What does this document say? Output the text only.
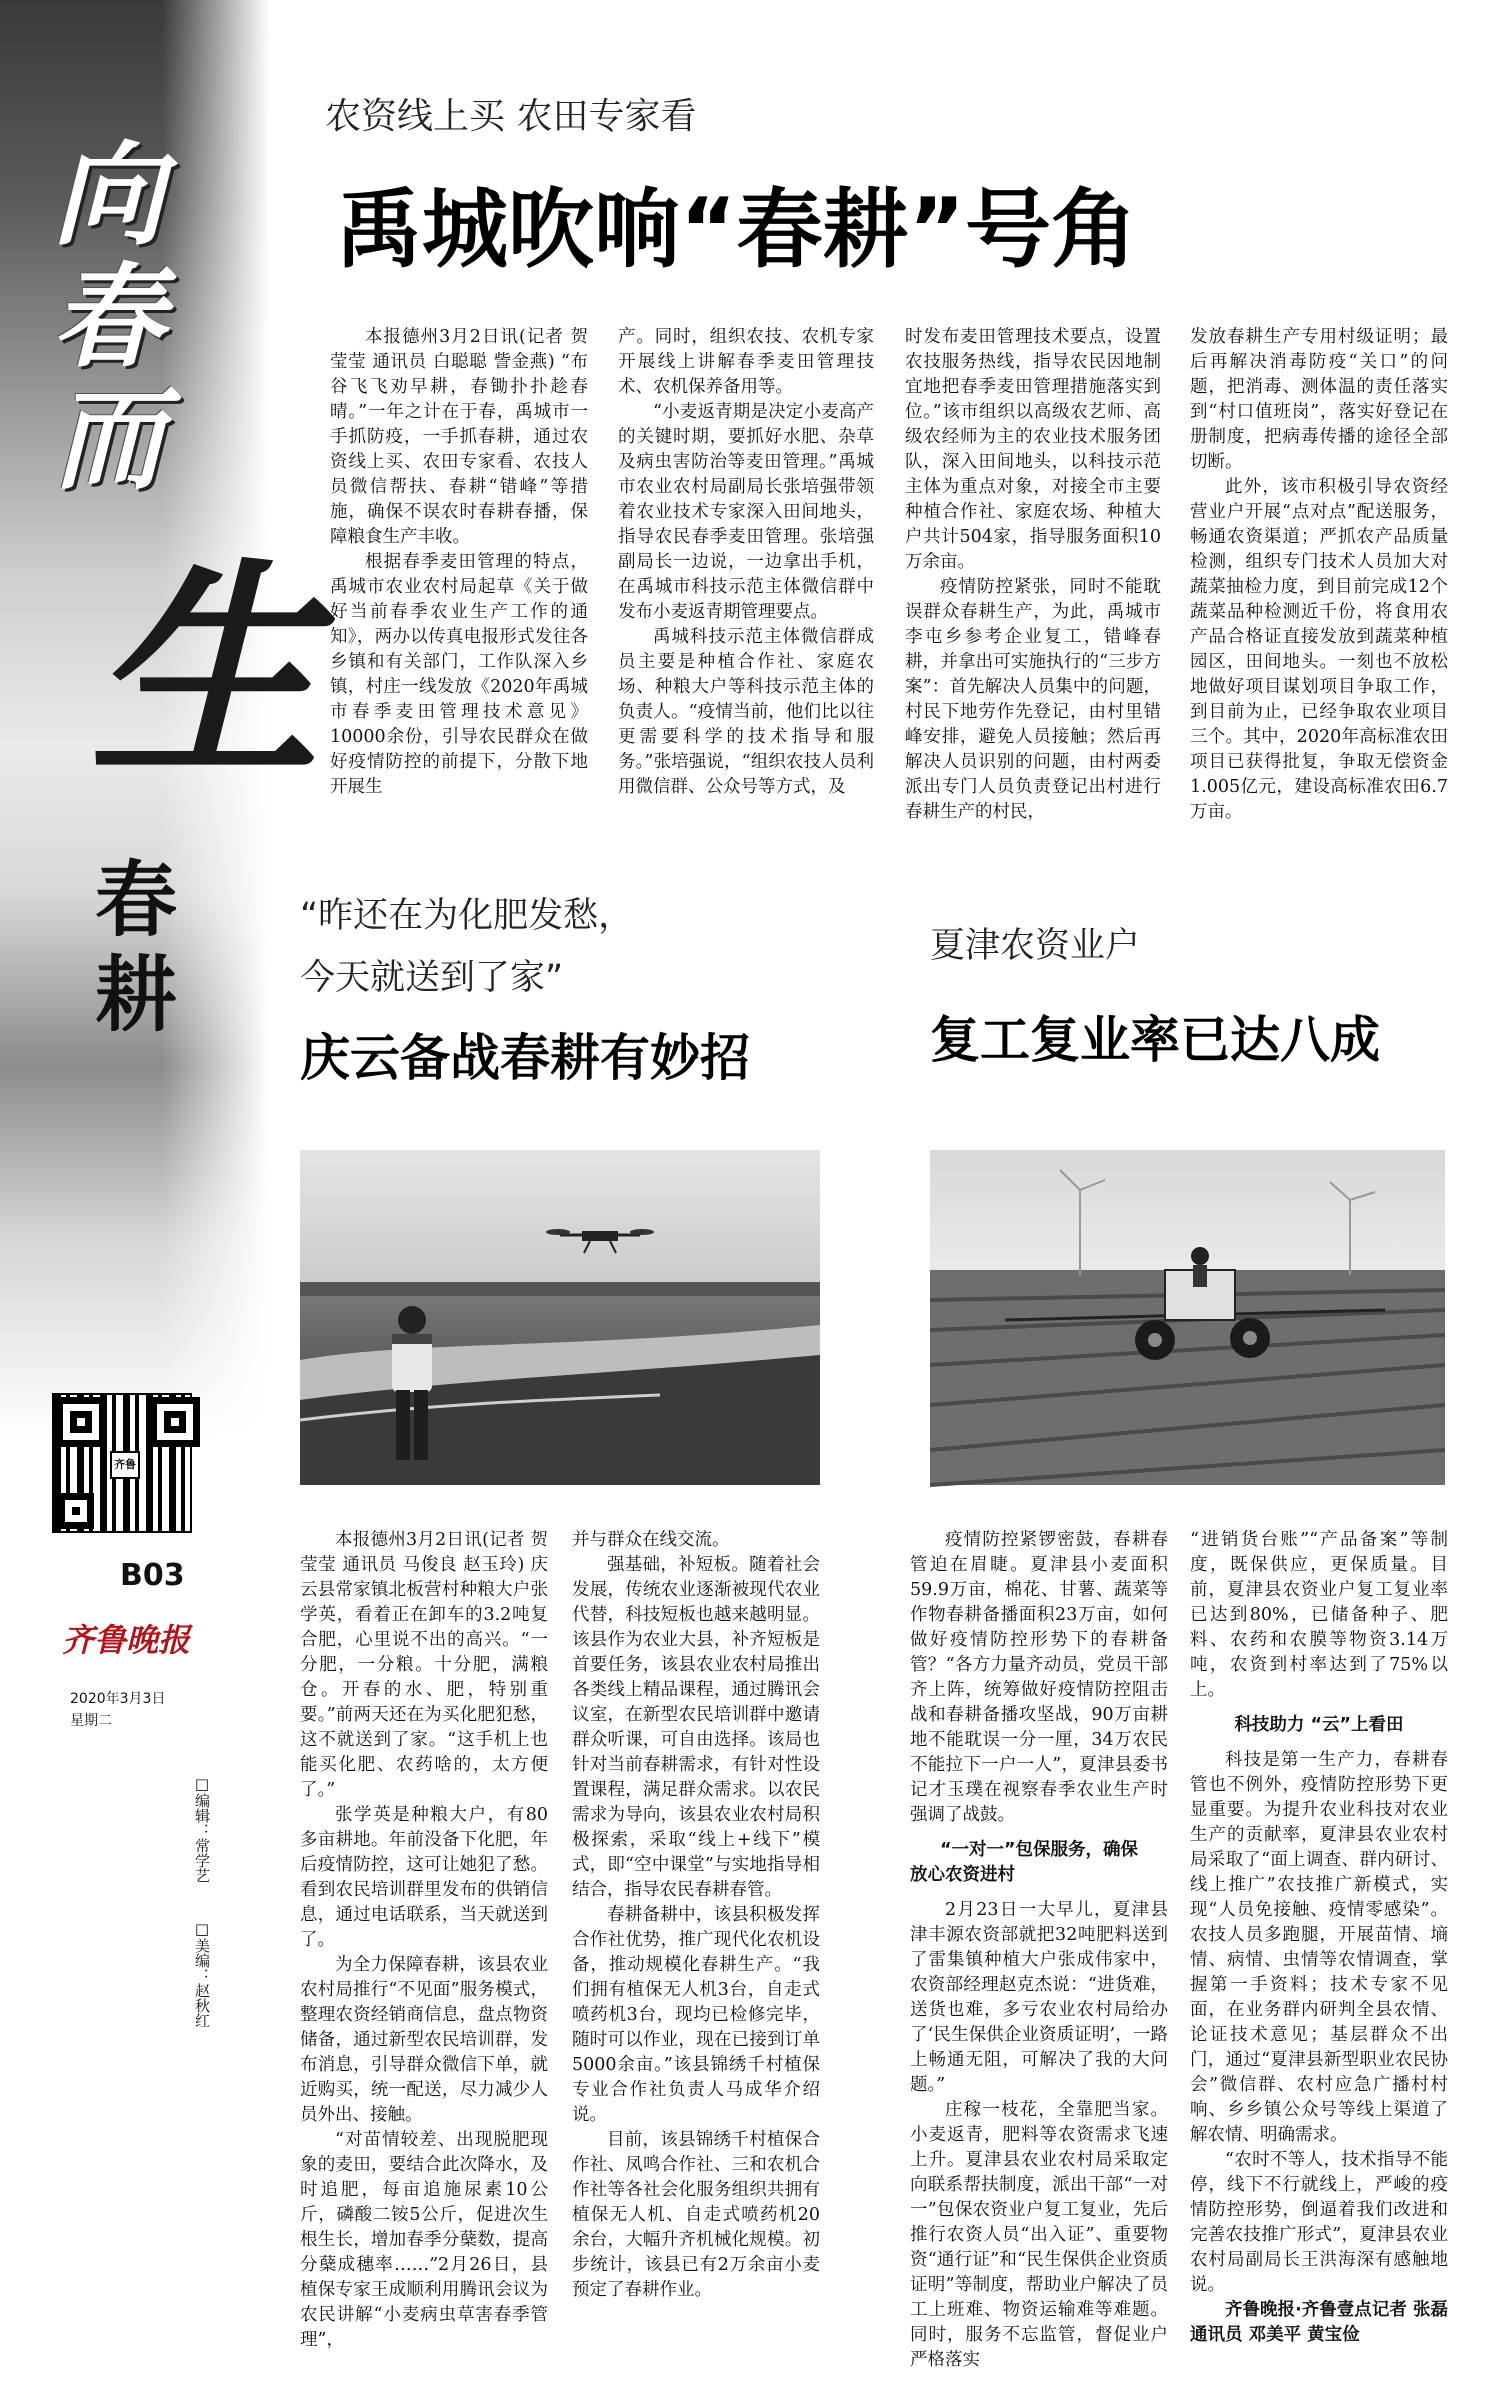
向
春
而
生
春
耕
齐鲁
B03
齐鲁晚报
2020年3月3日
星期二
□编辑：常学艺
□美编：赵秋红
农资线上买 农田专家看
禹城吹响“春耕”号角

本报德州3月2日讯(记者 贺莹莹 通讯员 白聪聪 訾金燕) “布谷飞飞劝早耕，春锄扑扑趁春晴。”一年之计在于春，禹城市一手抓防疫，一手抓春耕，通过农资线上买、农田专家看、农技人员微信帮扶、春耕“错峰”等措施，确保不误农时春耕春播，保障粮食生产丰收。

根据春季麦田管理的特点，禹城市农业农村局起草《关于做好当前春季农业生产工作的通知》，两办以传真电报形式发往各乡镇和有关部门，工作队深入乡镇，村庄一线发放《2020年禹城市春季麦田管理技术意见》10000余份，引导农民群众在做好疫情防控的前提下，分散下地开展生

产。同时，组织农技、农机专家开展线上讲解春季麦田管理技术、农机保养备用等。

“小麦返青期是决定小麦高产的关键时期，要抓好水肥、杂草及病虫害防治等麦田管理。”禹城市农业农村局副局长张培强带领着农业技术专家深入田间地头，指导农民春季麦田管理。张培强副局长一边说，一边拿出手机，在禹城市科技示范主体微信群中发布小麦返青期管理要点。

禹城科技示范主体微信群成员主要是种植合作社、家庭农场、种粮大户等科技示范主体的负责人。“疫情当前，他们比以往更需要科学的技术指导和服务。”张培强说，“组织农技人员利用微信群、公众号等方式，及

时发布麦田管理技术要点，设置农技服务热线，指导农民因地制宜地把春季麦田管理措施落实到位。”该市组织以高级农艺师、高级农经师为主的农业技术服务团队，深入田间地头，以科技示范主体为重点对象，对接全市主要种植合作社、家庭农场、种植大户共计504家，指导服务面积10万余亩。

疫情防控紧张，同时不能耽误群众春耕生产，为此，禹城市李屯乡参考企业复工，错峰春耕，并拿出可实施执行的“三步方案”：首先解决人员集中的问题，村民下地劳作先登记，由村里错峰安排，避免人员接触；然后再解决人员识别的问题，由村两委派出专门人员负责登记出村进行春耕生产的村民，

发放春耕生产专用村级证明；最后再解决消毒防疫“关口”的问题，把消毒、测体温的责任落实到“村口值班岗”，落实好登记在册制度，把病毒传播的途径全部切断。

此外，该市积极引导农资经营业户开展“点对点”配送服务，畅通农资渠道；严抓农产品质量检测，组织专门技术人员加大对蔬菜抽检力度，到目前完成12个蔬菜品种检测近千份，将食用农产品合格证直接发放到蔬菜种植园区，田间地头。一刻也不放松地做好项目谋划项目争取工作，到目前为止，已经争取农业项目三个。其中，2020年高标准农田项目已获得批复，争取无偿资金1.005亿元，建设高标准农田6.7万亩。

“昨还在为化肥发愁，
今天就送到了家”
庆云备战春耕有妙招

本报德州3月2日讯(记者 贺莹莹 通讯员 马俊良 赵玉玲) 庆云县常家镇北板营村种粮大户张学英，看着正在卸车的3.2吨复合肥，心里说不出的高兴。“一分肥，一分粮。十分肥，满粮仓。开春的水、肥，特别重要。”前两天还在为买化肥犯愁，这不就送到了家。“这手机上也能买化肥、农药啥的，太方便了。”

张学英是种粮大户，有80多亩耕地。年前没备下化肥，年后疫情防控，这可让她犯了愁。看到农民培训群里发布的供销信息，通过电话联系，当天就送到了。

为全力保障春耕，该县农业农村局推行“不见面”服务模式，整理农资经销商信息，盘点物资储备，通过新型农民培训群，发布消息，引导群众微信下单，就近购买，统一配送，尽力减少人员外出、接触。

“对苗情较差、出现脱肥现象的麦田，要结合此次降水，及时追肥，每亩追施尿素10公斤，磷酸二铵5公斤，促进次生根生长，增加春季分蘖数，提高分蘖成穗率……”2月26日，县植保专家王成顺利用腾讯会议为农民讲解“小麦病虫草害春季管理”，

并与群众在线交流。

强基础，补短板。随着社会发展，传统农业逐渐被现代农业代替，科技短板也越来越明显。该县作为农业大县，补齐短板是首要任务，该县农业农村局推出各类线上精品课程，通过腾讯会议室，在新型农民培训群中邀请群众听课，可自由选择。该局也针对当前春耕需求，有针对性设置课程，满足群众需求。以农民需求为导向，该县农业农村局积极探索，采取“线上+线下”模式，即“空中课堂”与实地指导相结合，指导农民春耕春管。

春耕备耕中，该县积极发挥合作社优势，推广现代化农机设备，推动规模化春耕生产。“我们拥有植保无人机3台，自走式喷药机3台，现均已检修完毕，随时可以作业，现在已接到订单5000余亩。”该县锦绣千村植保专业合作社负责人马成华介绍说。

目前，该县锦绣千村植保合作社、凤鸣合作社、三和农机合作社等各社会化服务组织共拥有植保无人机、自走式喷药机20余台，大幅升齐机械化规模。初步统计，该县已有2万余亩小麦预定了春耕作业。

夏津农资业户
复工复业率已达八成

疫情防控紧锣密鼓，春耕春管迫在眉睫。夏津县小麦面积59.9万亩，棉花、甘薯、蔬菜等作物春耕备播面积23万亩，如何做好疫情防控形势下的春耕备管？“各方力量齐动员，党员干部齐上阵，统筹做好疫情防控阻击战和春耕备播攻坚战，90万亩耕地不能耽误一分一厘，34万农民不能拉下一户一人”，夏津县委书记才玉璞在视察春季农业生产时强调了战鼓。

“一对一”包保服务，确保

放心农资进村

2月23日一大早儿，夏津县津丰源农资部就把32吨肥料送到了雷集镇种植大户张成伟家中，农资部经理赵克杰说：“进货难，送货也难，多亏农业农村局给办了‘民生保供企业资质证明’，一路上畅通无阻，可解决了我的大问题。”

庄稼一枝花，全靠肥当家。小麦返青，肥料等农资需求飞速上升。夏津县农业农村局采取定向联系帮扶制度，派出干部“一对一”包保农资业户复工复业，先后推行农资人员“出入证”、重要物资“通行证”和“民生保供企业资质证明”等制度，帮助业户解决了员工上班难、物资运输难等难题。同时，服务不忘监管，督促业户严格落实

“进销货台账”“产品备案”等制度，既保供应，更保质量。目前，夏津县农资业户复工复业率已达到80%，已储备种子、肥料、农药和农膜等物资3.14万吨，农资到村率达到了75%以上。

科技助力 “云”上看田

科技是第一生产力，春耕春管也不例外，疫情防控形势下更显重要。为提升农业科技对农业生产的贡献率，夏津县农业农村局采取了“面上调查、群内研讨、线上推广”农技推广新模式，实现“人员免接触、疫情零感染”。农技人员多跑腿，开展苗情、墒情、病情、虫情等农情调查，掌握第一手资料；技术专家不见面，在业务群内研判全县农情、论证技术意见；基层群众不出门，通过“夏津县新型职业农民协会”微信群、农村应急广播村村响、乡乡镇公众号等线上渠道了解农情、明确需求。

“农时不等人，技术指导不能停，线下不行就线上，严峻的疫情防控形势，倒逼着我们改进和完善农技推广形式”，夏津县农业农村局副局长王洪海深有感触地说。

齐鲁晚报·齐鲁壹点记者 张磊 通讯员 邓美平 黄宝俭
